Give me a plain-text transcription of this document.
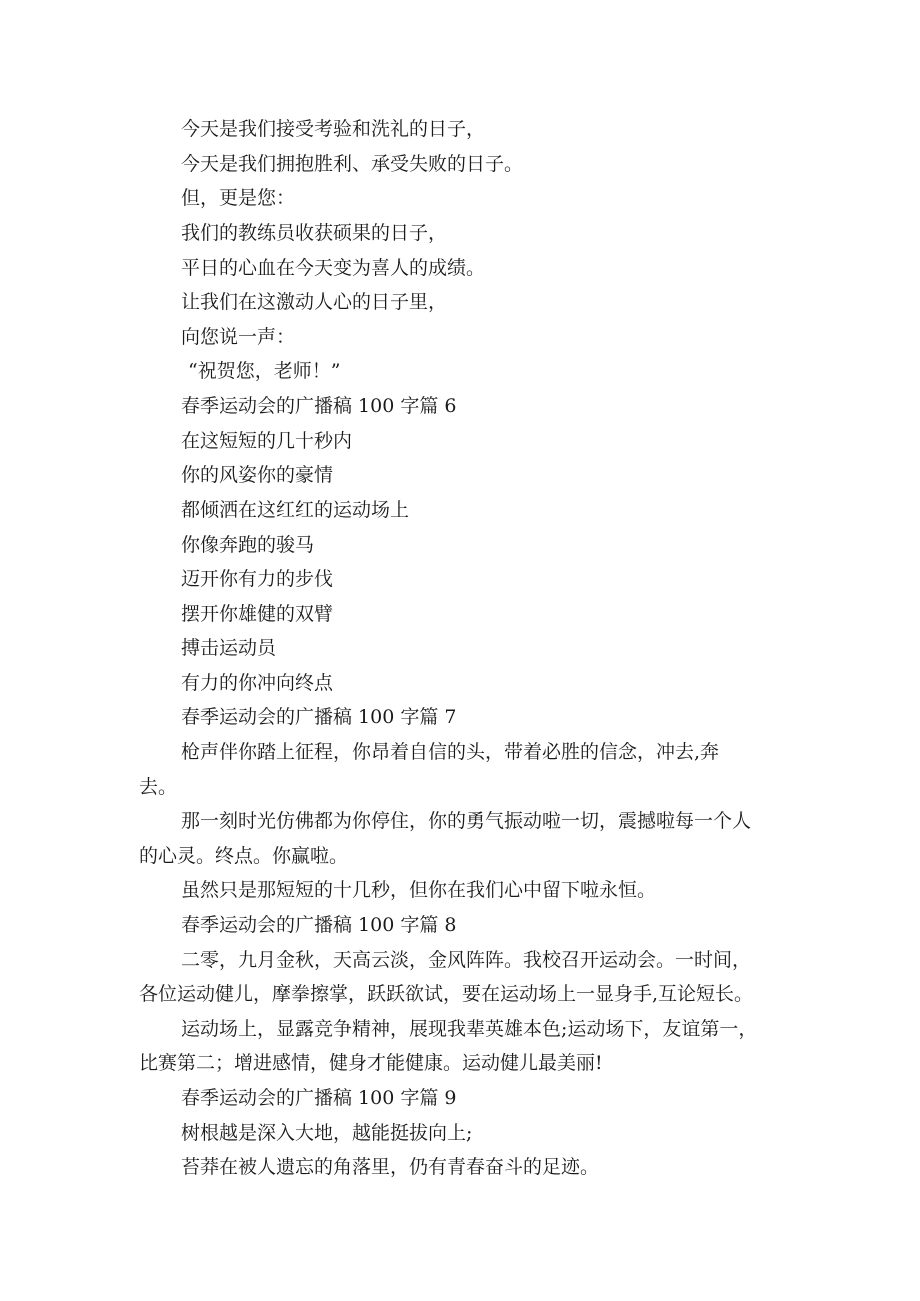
今天是我们接受考验和洗礼的日子，
今天是我们拥抱胜利、承受失败的日子。
但，更是您：
我们的教练员收获硕果的日子，
平日的心血在今天变为喜人的成绩。
让我们在这激动人心的日子里，
向您说一声：
“祝贺您，老师！”
春季运动会的广播稿 100 字篇 6
在这短短的几十秒内
你的风姿你的豪情
都倾洒在这红红的运动场上
你像奔跑的骏马
迈开你有力的步伐
摆开你雄健的双臂
搏击运动员
有力的你冲向终点
春季运动会的广播稿 100 字篇 7
枪声伴你踏上征程，你昂着自信的头，带着必胜的信念，冲去,奔
去。
那一刻时光仿佛都为你停住，你的勇气振动啦一切，震撼啦每一个人
的心灵。终点。你赢啦。
虽然只是那短短的十几秒，但你在我们心中留下啦永恒。
春季运动会的广播稿 100 字篇 8
二零，九月金秋，天高云淡，金风阵阵。我校召开运动会。一时间，
各位运动健儿，摩拳擦掌，跃跃欲试，要在运动场上一显身手,互论短长。
运动场上，显露竞争精神，展现我辈英雄本色;运动场下，友谊第一，
比赛第二；增进感情，健身才能健康。运动健儿最美丽!
春季运动会的广播稿 100 字篇 9
树根越是深入大地，越能挺拔向上;
苔莽在被人遗忘的角落里，仍有青春奋斗的足迹。
